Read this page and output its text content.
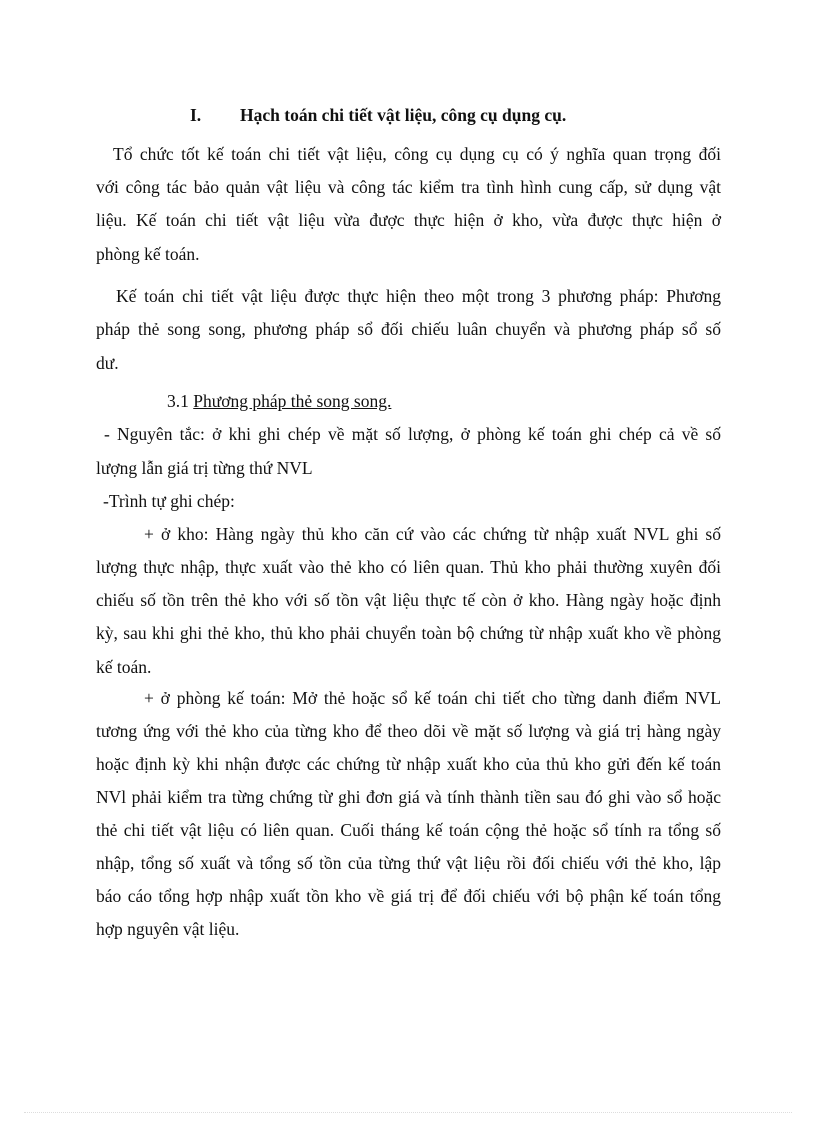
I. Hạch toán chi tiết vật liệu, công cụ dụng cụ.
Tổ chức tốt kế toán chi tiết vật liệu, công cụ dụng cụ có ý nghĩa quan trọng đối
với công tác bảo quản vật liệu và công tác kiểm tra tình hình cung cấp, sử dụng vật
liệu. Kế toán chi tiết vật liệu vừa được thực hiện ở kho, vừa được thực hiện ở
phòng kế toán.
Kế toán chi tiết vật liệu được thực hiện theo một trong 3 phương pháp: Phương
pháp thẻ song song, phương pháp sổ đối chiếu luân chuyển và phương pháp sổ số
dư.
3.1 Phương pháp thẻ song song.
- Nguyên tắc: ở khi ghi chép về mặt số lượng, ở phòng kế toán ghi chép cả về số
lượng lẫn giá trị từng thứ NVL
-Trình tự ghi chép:
+ ở kho: Hàng ngày thủ kho căn cứ vào các chứng từ nhập xuất NVL ghi số
lượng thực nhập, thực xuất vào thẻ kho có liên quan. Thủ kho phải thường xuyên đối
chiếu số tồn trên thẻ kho với số tồn vật liệu thực tế còn ở kho. Hàng ngày hoặc định
kỳ, sau khi ghi thẻ kho, thủ kho phải chuyển toàn bộ chứng từ nhập xuất kho về phòng
kế toán.
+ ở phòng kế toán: Mở thẻ hoặc sổ kế toán chi tiết cho từng danh điểm NVL
tương ứng với thẻ kho của từng kho để theo dõi về mặt số lượng và giá trị hàng ngày
hoặc định kỳ khi nhận được các chứng từ nhập xuất kho của thủ kho gửi đến kế toán
NVl phải kiểm tra từng chứng từ ghi đơn giá và tính thành tiền sau đó ghi vào sổ hoặc
thẻ chi tiết vật liệu có liên quan. Cuối tháng kế toán cộng thẻ hoặc sổ tính ra tổng số
nhập, tổng số xuất và tổng số tồn của từng thứ vật liệu rồi đối chiếu với thẻ kho, lập
báo cáo tổng hợp nhập xuất tồn kho về giá trị để đối chiếu với bộ phận kế toán tổng
hợp nguyên vật liệu.
